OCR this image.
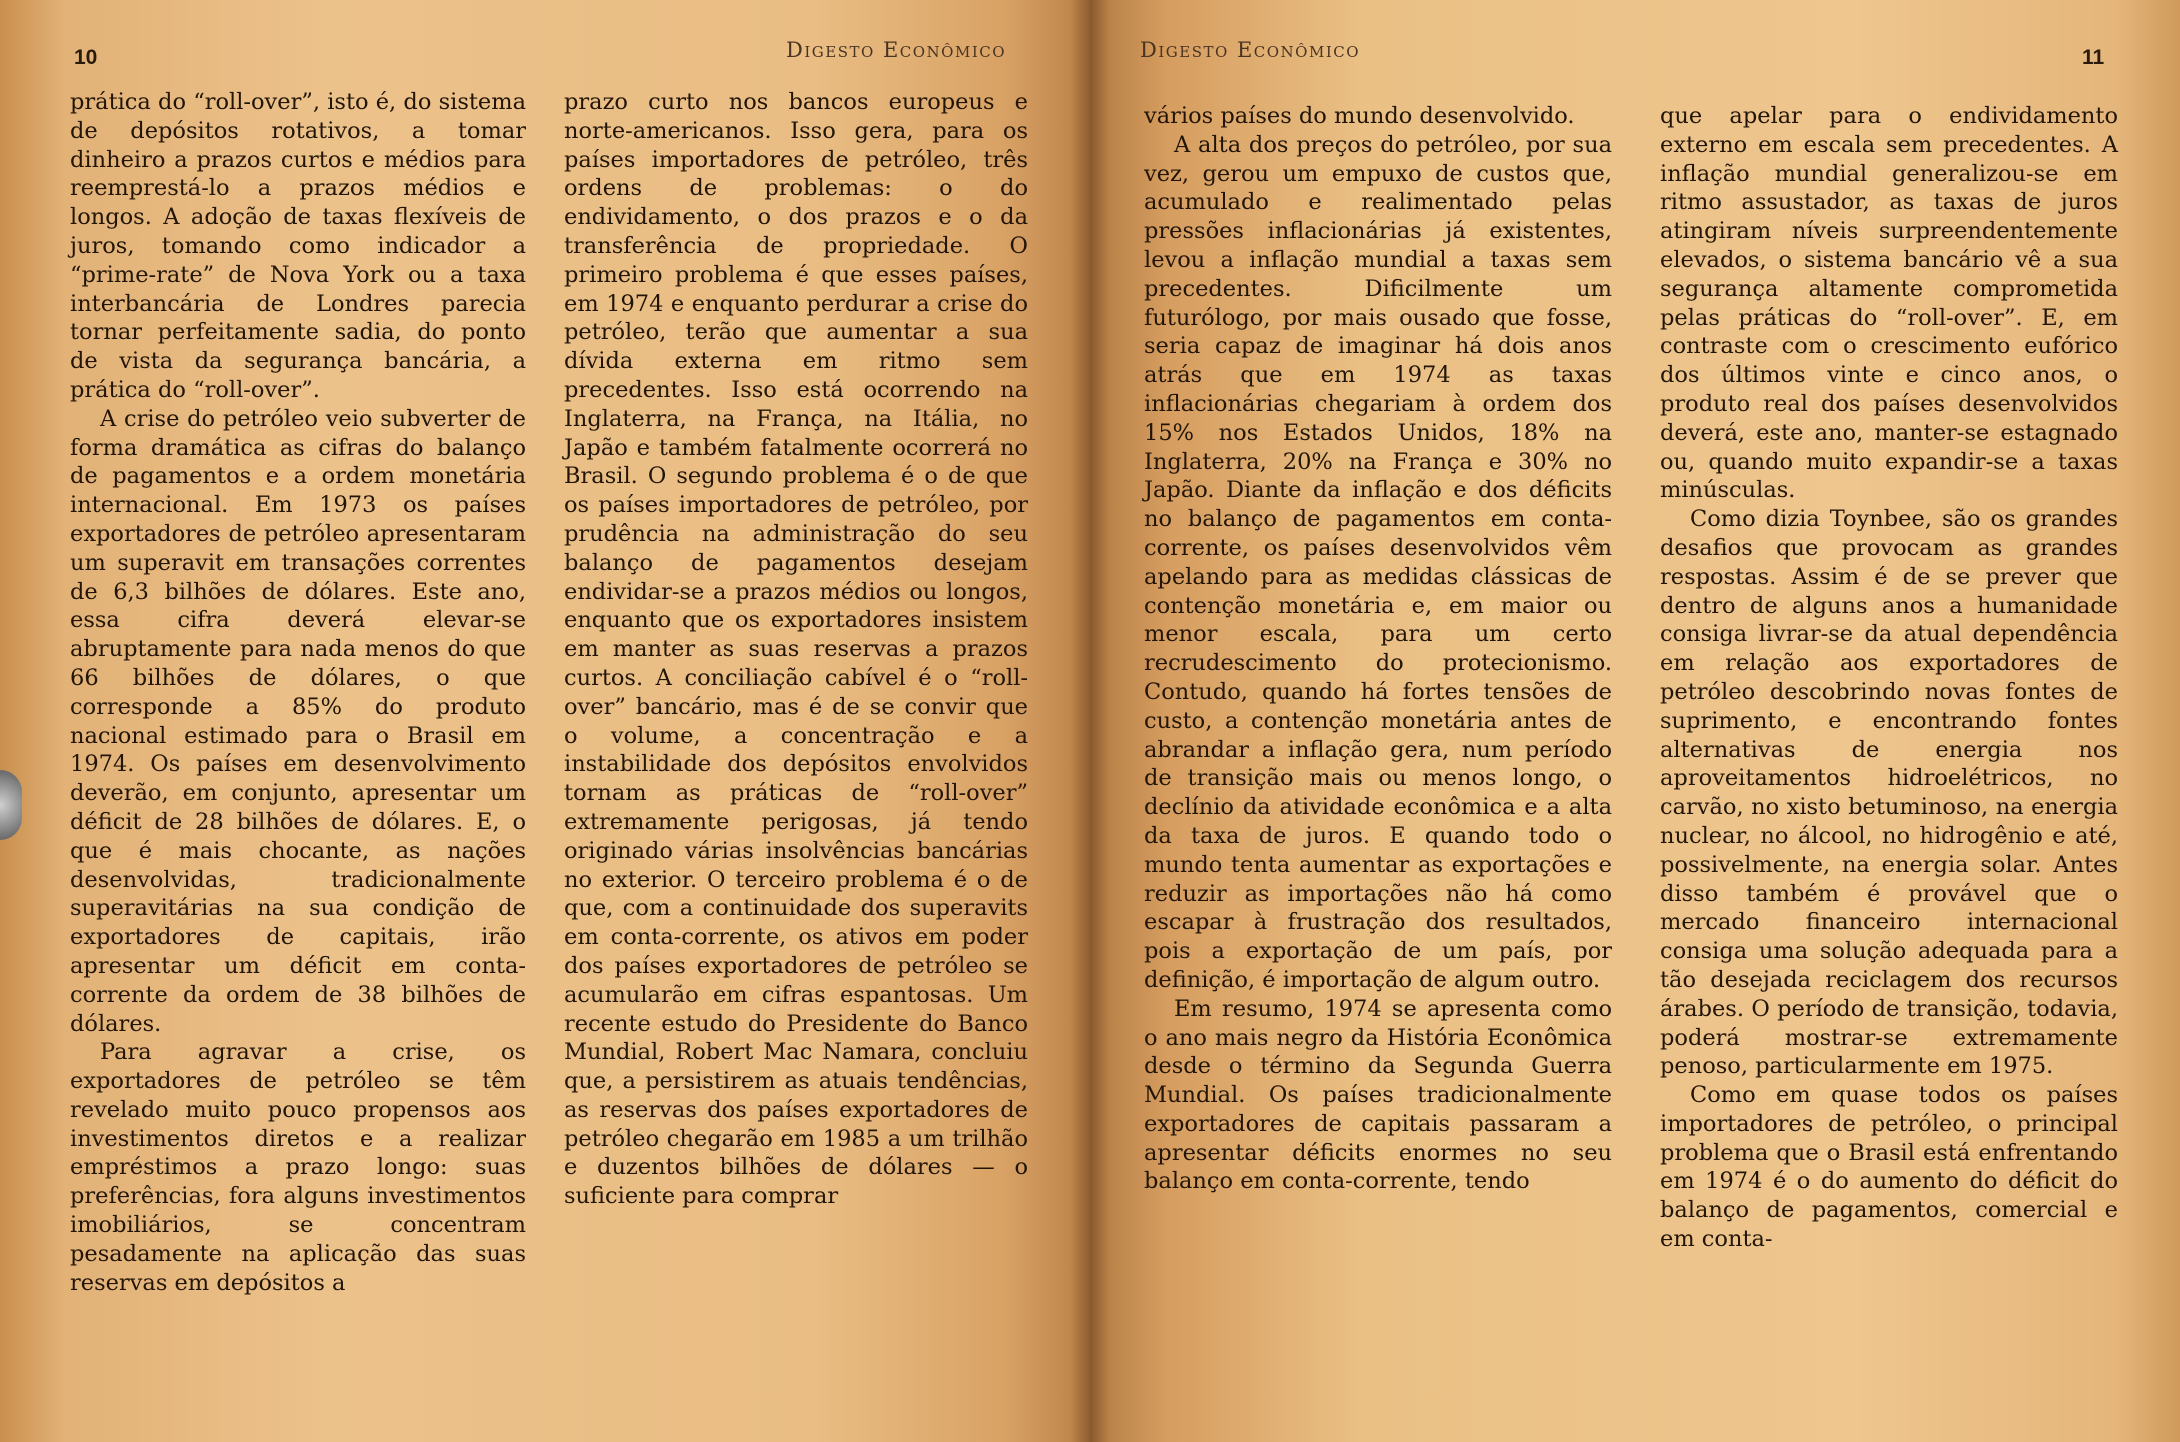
10	Digesto Econômico

prática do “roll-over”, isto é, do sistema de depósitos rotativos, a tomar dinheiro a prazos curtos e médios para reemprestá-lo a prazos médios e longos. A adoção de taxas flexíveis de juros, tomando como indicador a “prime-rate” de Nova York ou a taxa interbancária de Londres parecia tornar perfeitamente sadia, do ponto de vista da segurança bancária, a prática do “roll-over”.

A crise do petróleo veio subverter de forma dramática as cifras do balanço de pagamentos e a ordem monetária internacional. Em 1973 os países exportadores de petróleo apresentaram um superavit em transações correntes de 6,3 bilhões de dólares. Este ano, essa cifra deverá elevar-se abruptamente para nada menos do que 66 bilhões de dólares, o que corresponde a 85% do produto nacional estimado para o Brasil em 1974. Os países em desenvolvimento deverão, em conjunto, apresentar um déficit de 28 bilhões de dólares. E, o que é mais chocante, as nações desenvolvidas, tradicionalmente superavitárias na sua condição de exportadores de capitais, irão apresentar um déficit em conta-corrente da ordem de 38 bilhões de dólares.

Para agravar a crise, os exportadores de petróleo se têm revelado muito pouco propensos aos investimentos diretos e a realizar empréstimos a prazo longo: suas preferências, fora alguns investimentos imobiliários, se concentram pesadamente na aplicação das suas reservas em depósitos a

prazo curto nos bancos europeus e norte-americanos. Isso gera, para os países importadores de petróleo, três ordens de problemas: o do endividamento, o dos prazos e o da transferência de propriedade. O primeiro problema é que esses países, em 1974 e enquanto perdurar a crise do petróleo, terão que aumentar a sua dívida externa em ritmo sem precedentes. Isso está ocorrendo na Inglaterra, na França, na Itália, no Japão e também fatalmente ocorrerá no Brasil. O segundo problema é o de que os países importadores de petróleo, por prudência na administração do seu balanço de pagamentos desejam endividar-se a prazos médios ou longos, enquanto que os exportadores insistem em manter as suas reservas a prazos curtos. A conciliação cabível é o “roll-over” bancário, mas é de se convir que o volume, a concentração e a instabilidade dos depósitos envolvidos tornam as práticas de “roll-over” extremamente perigosas, já tendo originado várias insolvências bancárias no exterior. O terceiro problema é o de que, com a continuidade dos superavits em conta-corrente, os ativos em poder dos países exportadores de petróleo se acumularão em cifras espantosas. Um recente estudo do Presidente do Banco Mundial, Robert Mac Namara, concluiu que, a persistirem as atuais tendências, as reservas dos países exportadores de petróleo chegarão em 1985 a um trilhão e duzentos bilhões de dólares — o suficiente para comprar

Digesto Econômico	11

vários países do mundo desenvolvido.

A alta dos preços do petróleo, por sua vez, gerou um empuxo de custos que, acumulado e realimentado pelas pressões inflacionárias já existentes, levou a inflação mundial a taxas sem precedentes. Dificilmente um futurólogo, por mais ousado que fosse, seria capaz de imaginar há dois anos atrás que em 1974 as taxas inflacionárias chegariam à ordem dos 15% nos Estados Unidos, 18% na Inglaterra, 20% na França e 30% no Japão. Diante da inflação e dos déficits no balanço de pagamentos em conta-corrente, os países desenvolvidos vêm apelando para as medidas clássicas de contenção monetária e, em maior ou menor escala, para um certo recrudescimento do protecionismo. Contudo, quando há fortes tensões de custo, a contenção monetária antes de abrandar a inflação gera, num período de transição mais ou menos longo, o declínio da atividade econômica e a alta da taxa de juros. E quando todo o mundo tenta aumentar as exportações e reduzir as importações não há como escapar à frustração dos resultados, pois a exportação de um país, por definição, é importação de algum outro.

Em resumo, 1974 se apresenta como o ano mais negro da História Econômica desde o término da Segunda Guerra Mundial. Os países tradicionalmente exportadores de capitais passaram a apresentar déficits enormes no seu balanço em conta-corrente, tendo

que apelar para o endividamento externo em escala sem precedentes. A inflação mundial generalizou-se em ritmo assustador, as taxas de juros atingiram níveis surpreendentemente elevados, o sistema bancário vê a sua segurança altamente comprometida pelas práticas do “roll-over”. E, em contraste com o crescimento eufórico dos últimos vinte e cinco anos, o produto real dos países desenvolvidos deverá, este ano, manter-se estagnado ou, quando muito expandir-se a taxas minúsculas.

Como dizia Toynbee, são os grandes desafios que provocam as grandes respostas. Assim é de se prever que dentro de alguns anos a humanidade consiga livrar-se da atual dependência em relação aos exportadores de petróleo descobrindo novas fontes de suprimento, e encontrando fontes alternativas de energia nos aproveitamentos hidroelétricos, no carvão, no xisto betuminoso, na energia nuclear, no álcool, no hidrogênio e até, possivelmente, na energia solar. Antes disso também é provável que o mercado financeiro internacional consiga uma solução adequada para a tão desejada reciclagem dos recursos árabes. O período de transição, todavia, poderá mostrar-se extremamente penoso, particularmente em 1975.

Como em quase todos os países importadores de petróleo, o principal problema que o Brasil está enfrentando em 1974 é o do aumento do déficit do balanço de pagamentos, comercial e em conta-
